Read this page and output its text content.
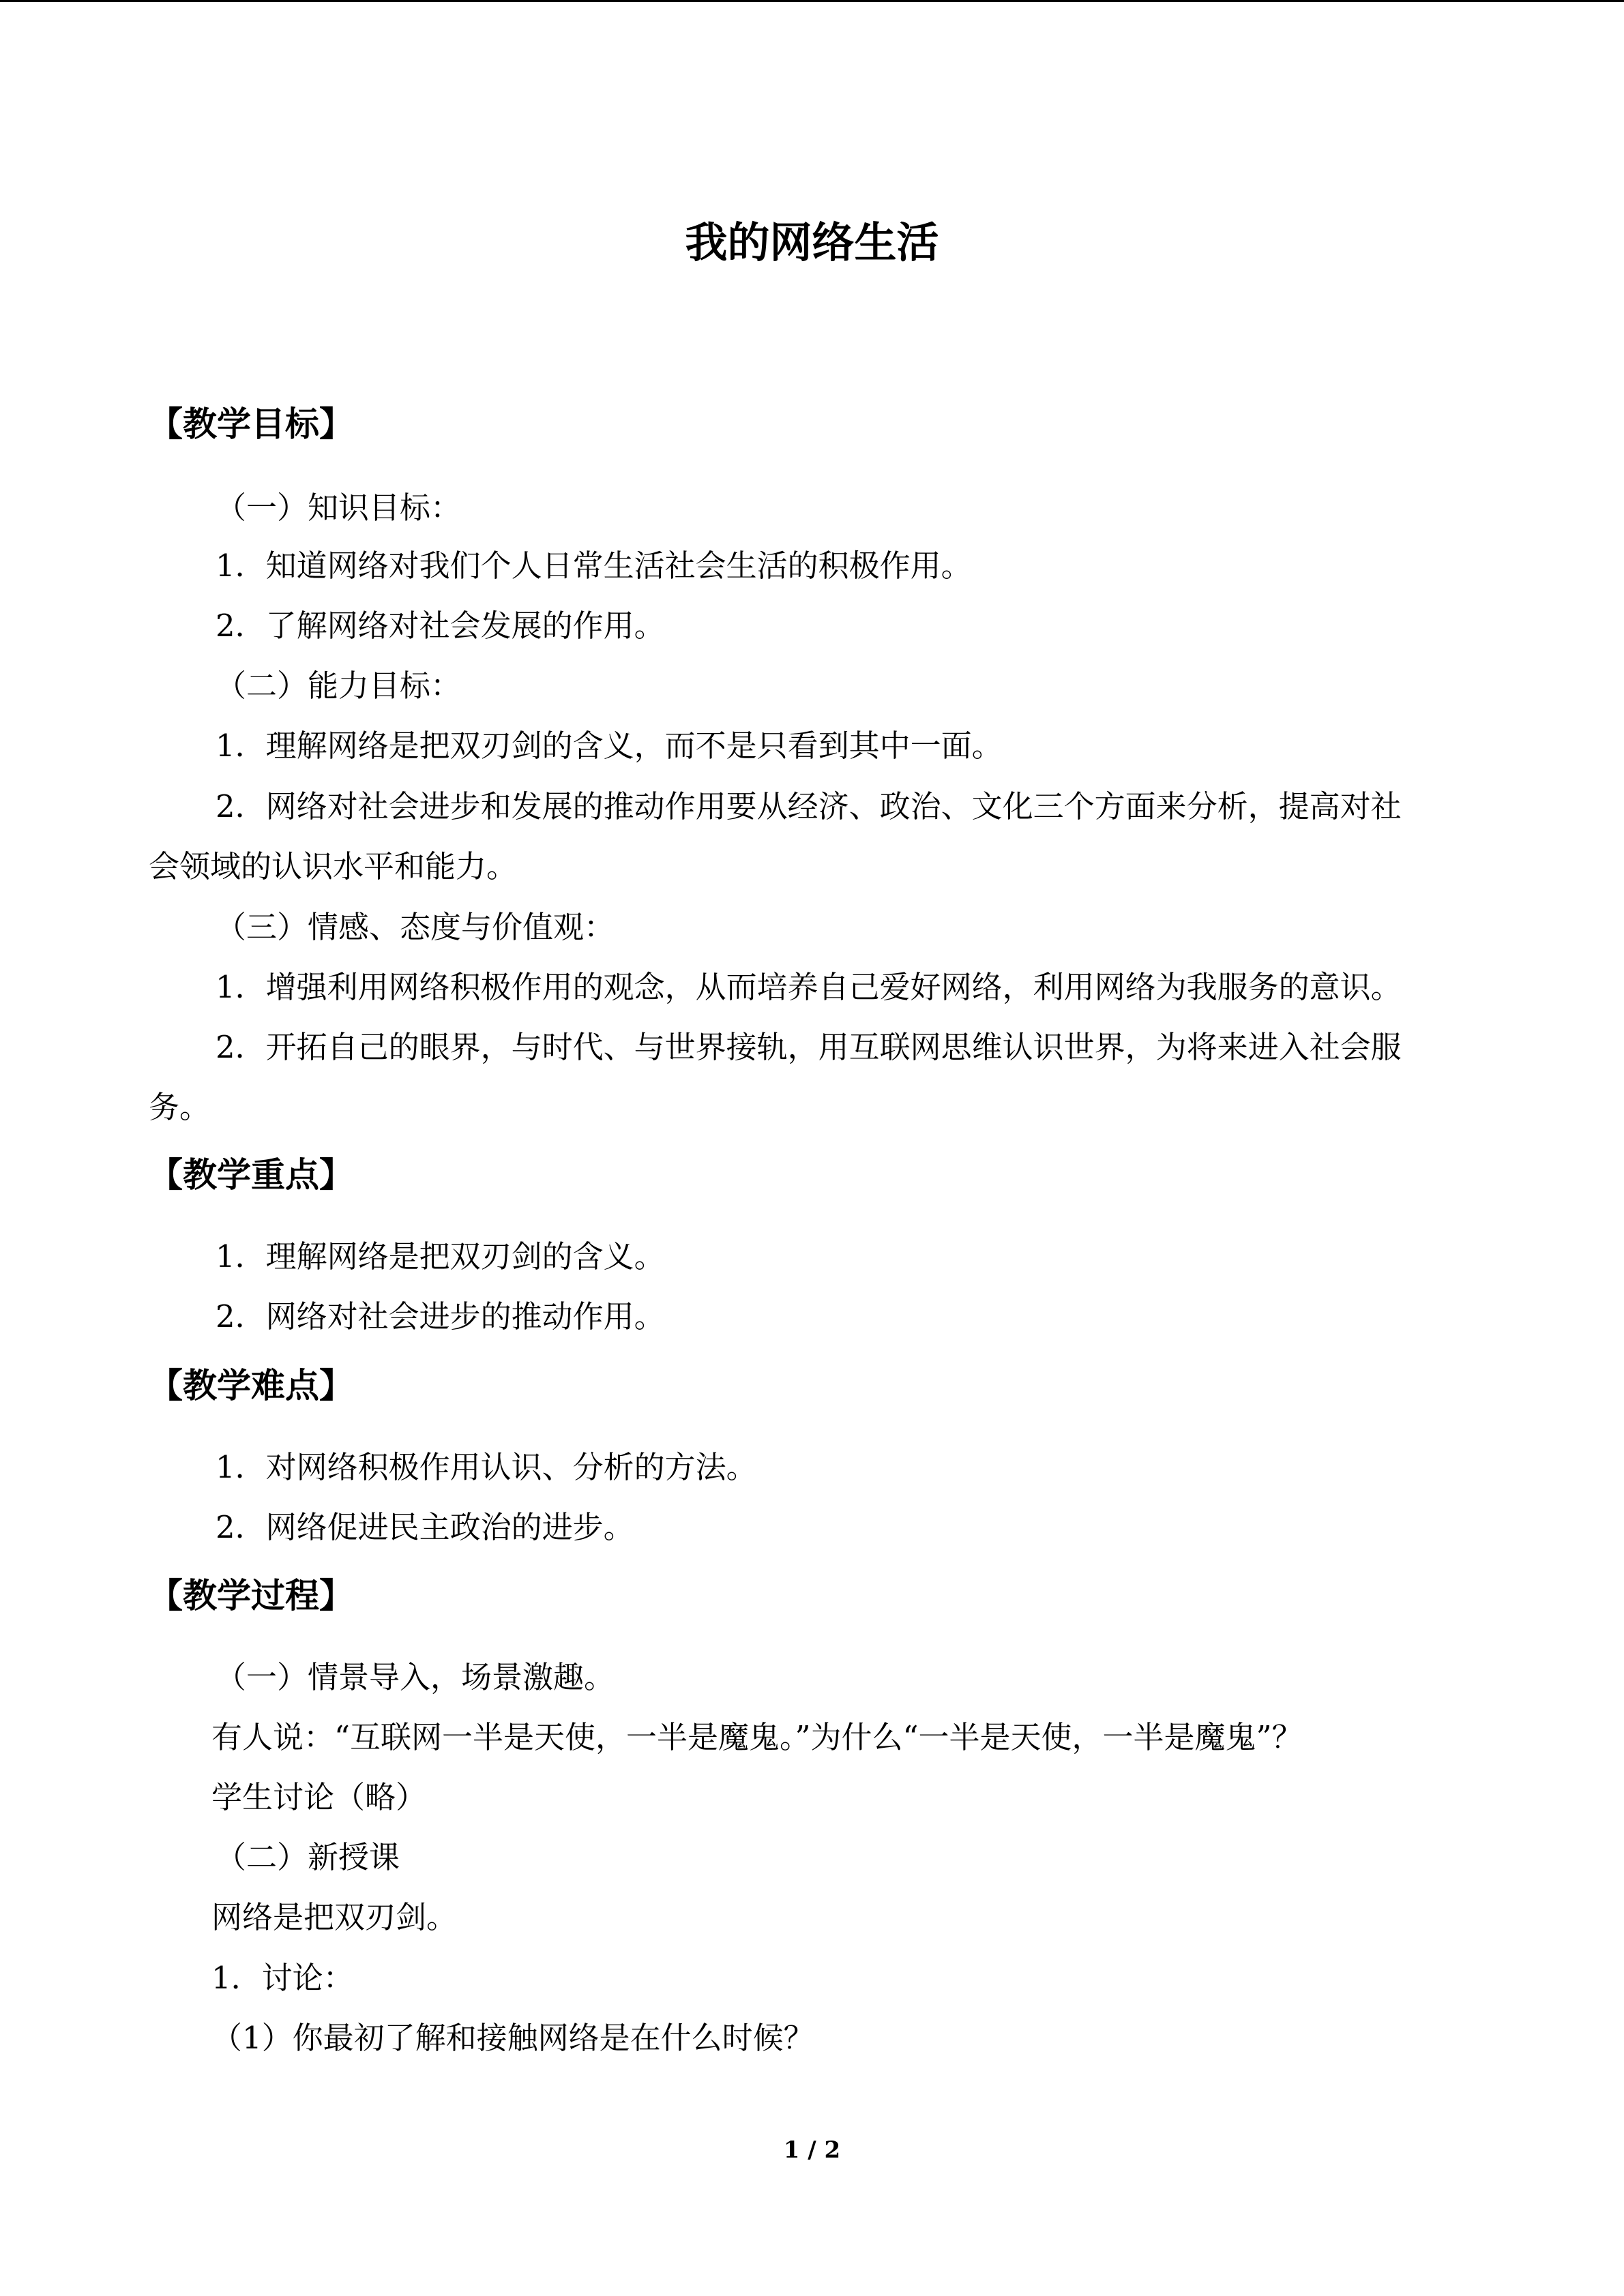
我的网络生活
【教学目标】
（一）知识目标：
1．知道网络对我们个人日常生活社会生活的积极作用。
2．了解网络对社会发展的作用。
（二）能力目标：
1．理解网络是把双刃剑的含义，而不是只看到其中一面。
2．网络对社会进步和发展的推动作用要从经济、政治、文化三个方面来分析，提高对社
会领域的认识水平和能力。
（三）情感、态度与价值观：
1．增强利用网络积极作用的观念，从而培养自己爱好网络，利用网络为我服务的意识。
2．开拓自己的眼界，与时代、与世界接轨，用互联网思维认识世界，为将来进入社会服
务。
【教学重点】
1．理解网络是把双刃剑的含义。
2．网络对社会进步的推动作用。
【教学难点】
1．对网络积极作用认识、分析的方法。
2．网络促进民主政治的进步。
【教学过程】
（一）情景导入，场景激趣。
有人说：“互联网一半是天使，一半是魔鬼。”为什么“一半是天使，一半是魔鬼”？
学生讨论（略）
（二）新授课
网络是把双刃剑。
1．讨论：
（1）你最初了解和接触网络是在什么时候？
1 / 2
